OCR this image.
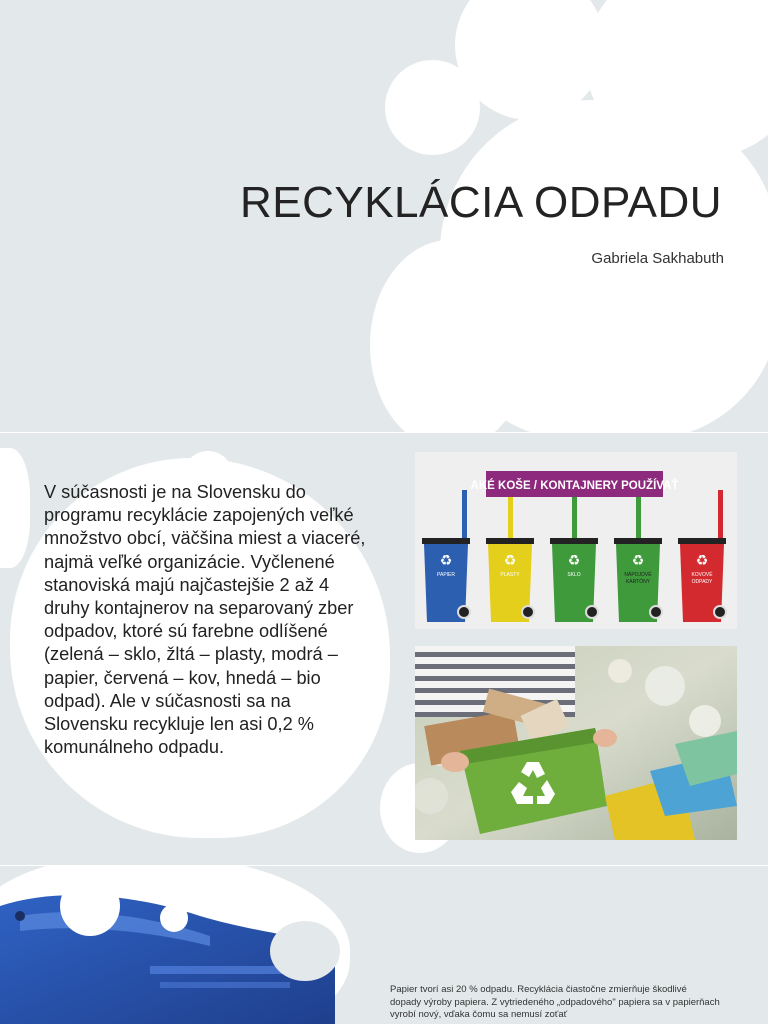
RECYKLÁCIA ODPADU
Gabriela Sakhabuth
V súčasnosti je na Slovensku do programu recyklácie zapojených veľké množstvo obcí, väčšina miest a viaceré, najmä veľké organizácie. Vyčlenené stanoviská majú najčastejšie 2 až 4 druhy kontajnerov na separovaný zber odpadov, ktoré sú farebne odlíšené (zelená – sklo, žltá – plasty, modrá – papier, červená – kov, hnedá – bio odpad). Ale v súčasnosti sa na Slovensku recykluje len asi 0,2 % komunálneho odpadu.
AKÉ KOŠE / KONTAJNERY POUŽÍVAŤ
♻
PAPIER
♻
PLASTY
♻
SKLO
♻
NÁPOJOVÉ
KARTÓNY
♻
KOVOVÉ
ODPADY
Papier tvorí asi 20 % odpadu. Recyklácia čiastočne zmierňuje škodlivé dopady výroby papiera. Z vytriedeného „odpadového" papiera sa v papierňach vyrobí nový, vďaka čomu sa nemusí zoťať
